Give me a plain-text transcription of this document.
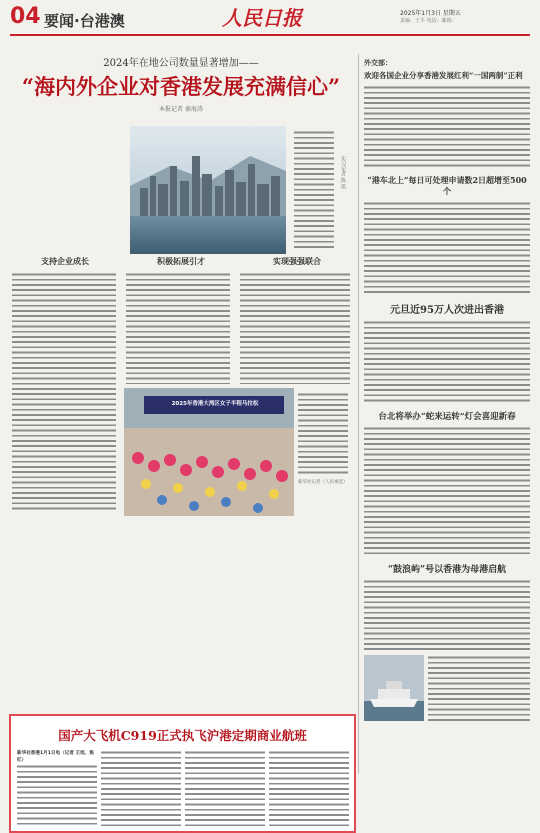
04 要闻·台港澳	人民日报	2025年1月3日 星期五
责编：王平 电话：邮箱：
2024年在地公司数量显著增加——
“海内外企业对香港发展充满信心”
本报记者 秦海涛
实习记者 陈 凯
支持企业成长	积极拓展引才	实现强强联合
2025年香港大湾区女子半程马拉松
新华社记者（人民视觉）
外交部：
欢迎各国企业分享香港发展红利“一国两制”正利
“港车北上”每日可处理申请数2日超增至500个
元旦近95万人次进出香港
台北将举办“蛇来运转”灯会喜迎新春
“鼓浪屿”号以香港为母港启航
国产大飞机C919正式执飞沪港定期商业航班
新华社香港1月1日电（记者 王旭、焦红）
